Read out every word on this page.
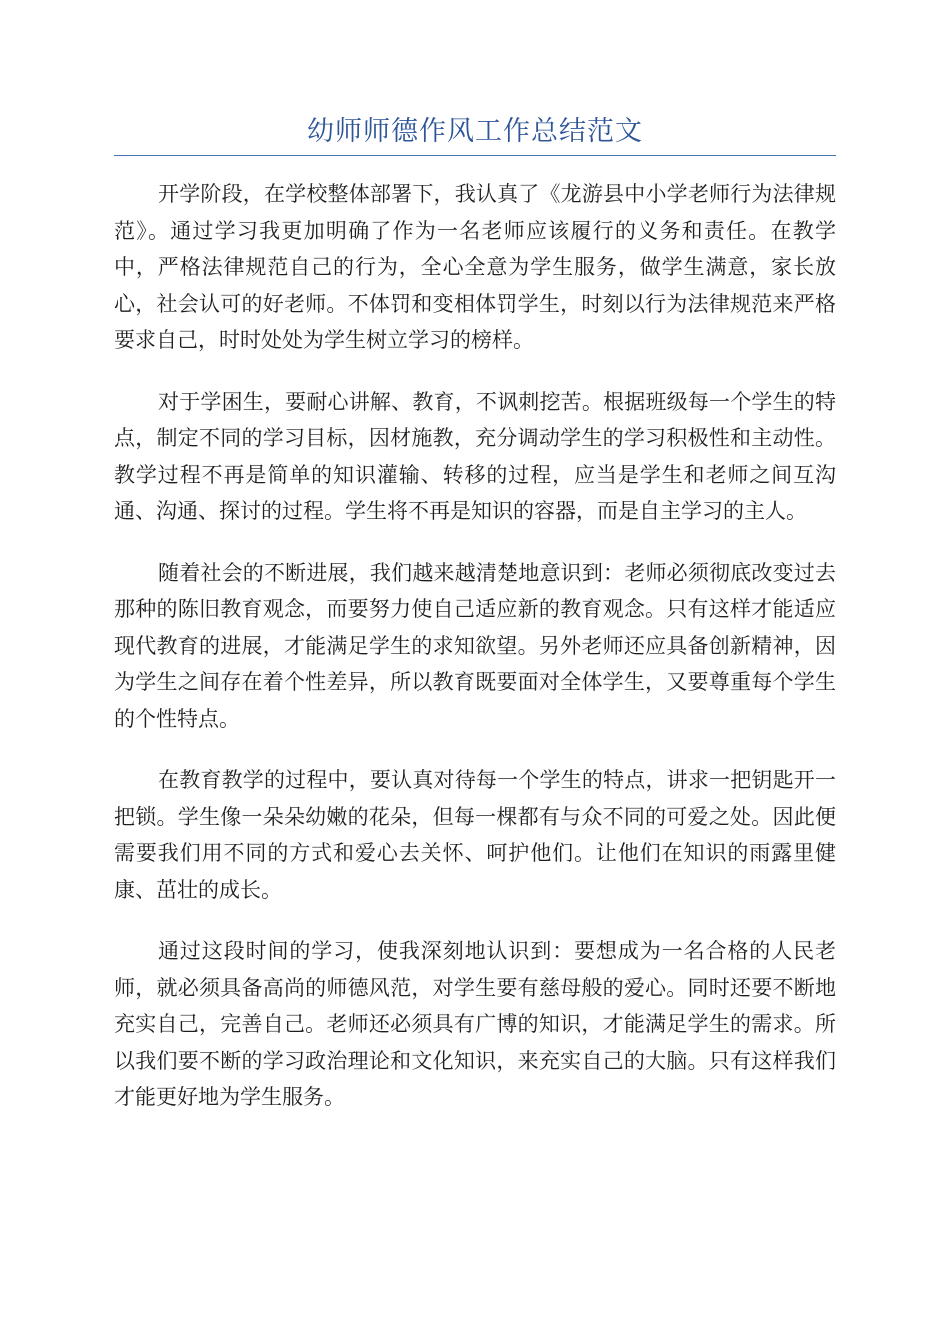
幼师师德作风工作总结范文

开学阶段，在学校整体部署下，我认真了《龙游县中小学老师行为法律规范》。通过学习我更加明确了作为一名老师应该履行的义务和责任。在教学中，严格法律规范自己的行为，全心全意为学生服务，做学生满意，家长放心，社会认可的好老师。不体罚和变相体罚学生，时刻以行为法律规范来严格要求自己，时时处处为学生树立学习的榜样。

对于学困生，要耐心讲解、教育，不讽刺挖苦。根据班级每一个学生的特点，制定不同的学习目标，因材施教，充分调动学生的学习积极性和主动性。教学过程不再是简单的知识灌输、转移的过程，应当是学生和老师之间互沟通、沟通、探讨的过程。学生将不再是知识的容器，而是自主学习的主人。

随着社会的不断进展，我们越来越清楚地意识到：老师必须彻底改变过去那种的陈旧教育观念，而要努力使自己适应新的教育观念。只有这样才能适应现代教育的进展，才能满足学生的求知欲望。另外老师还应具备创新精神，因为学生之间存在着个性差异，所以教育既要面对全体学生，又要尊重每个学生的个性特点。

在教育教学的过程中，要认真对待每一个学生的特点，讲求一把钥匙开一把锁。学生像一朵朵幼嫩的花朵，但每一棵都有与众不同的可爱之处。因此便需要我们用不同的方式和爱心去关怀、呵护他们。让他们在知识的雨露里健康、茁壮的成长。

通过这段时间的学习，使我深刻地认识到：要想成为一名合格的人民老师，就必须具备高尚的师德风范，对学生要有慈母般的爱心。同时还要不断地充实自己，完善自己。老师还必须具有广博的知识，才能满足学生的需求。所以我们要不断的学习政治理论和文化知识，来充实自己的大脑。只有这样我们才能更好地为学生服务。
